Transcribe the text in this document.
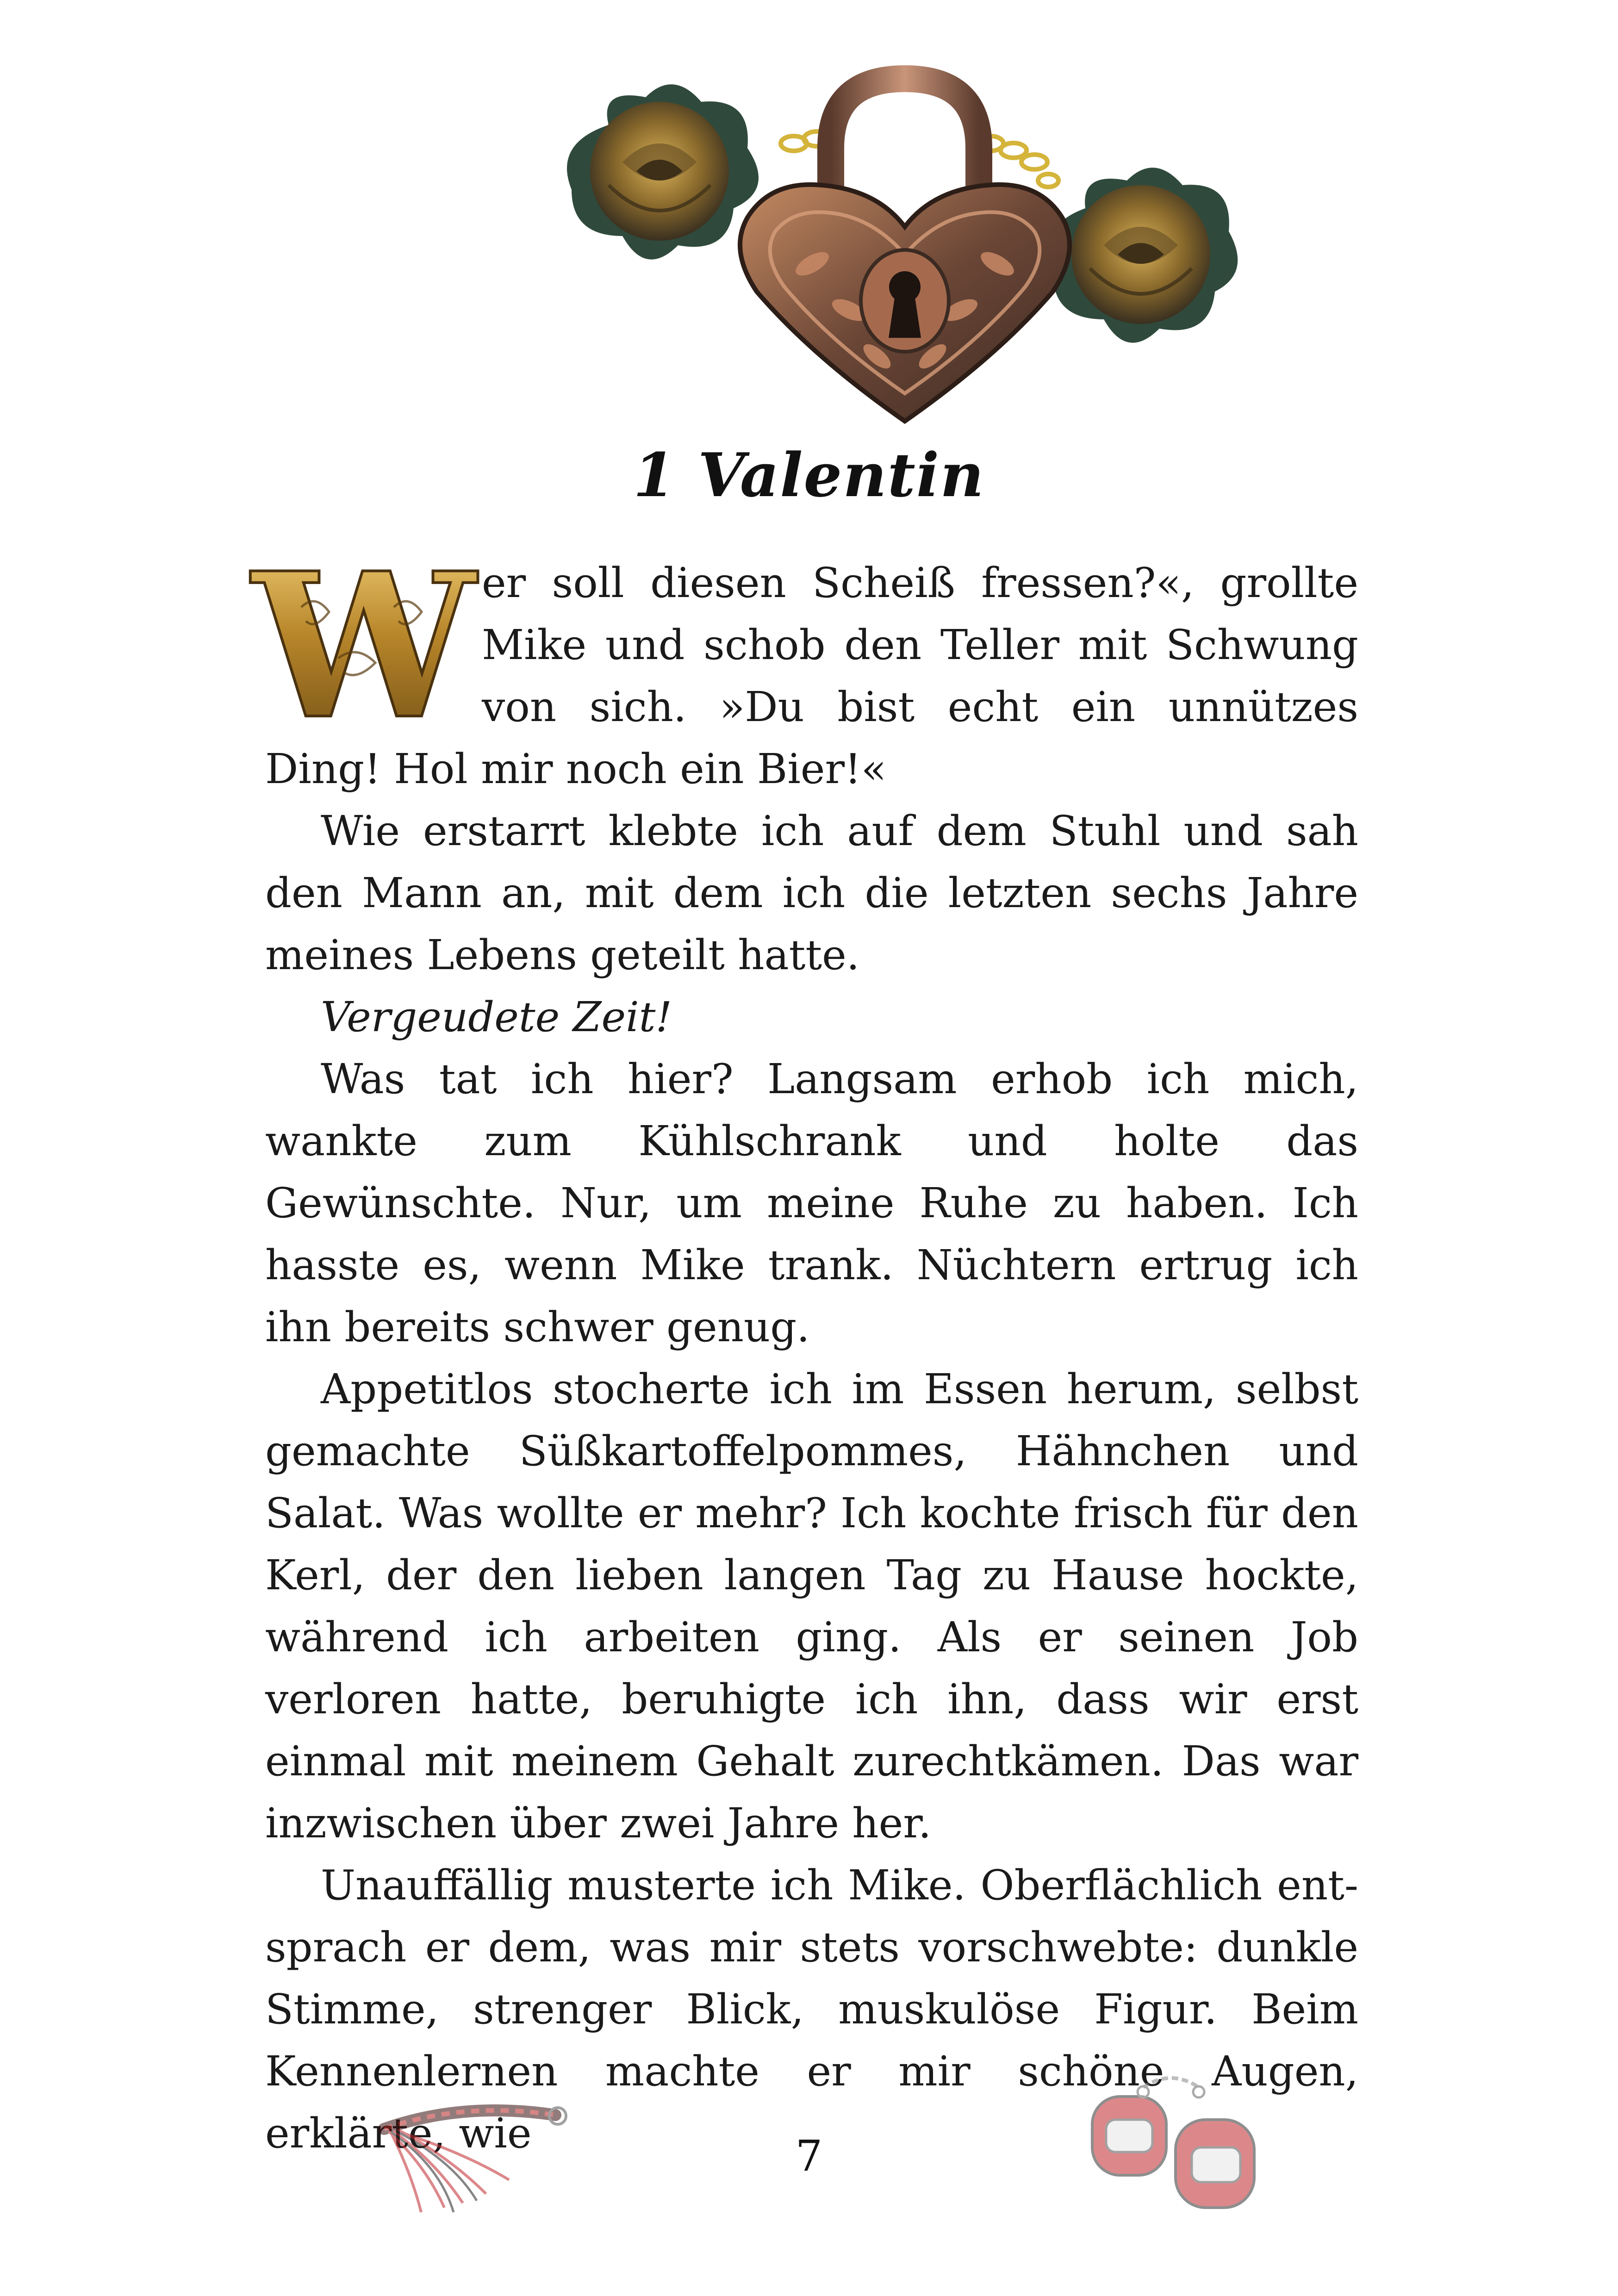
1 Valentin
W er soll diesen Scheiß fressen?«, grollte Mike und schob den Teller mit Schwung von sich. »Du bist echt ein unnützes Ding! Hol mir noch ein Bier!«

Wie erstarrt klebte ich auf dem Stuhl und sah den Mann an, mit dem ich die letzten sechs Jahre meines Lebens geteilt hatte.

Vergeudete Zeit!

Was tat ich hier? Langsam erhob ich mich, wankte zum Kühlschrank und holte das Gewünschte. Nur, um meine Ruhe zu haben. Ich hasste es, wenn Mike trank. Nüchtern ertrug ich ihn bereits schwer genug.

Appetitlos stocherte ich im Essen herum, selbst gemachte Süßkartoffelpommes, Hähnchen und Salat. Was wollte er mehr? Ich kochte frisch für den Kerl, der den lieben langen Tag zu Hause hockte, während ich arbeiten ging. Als er seinen Job verloren hatte, beruhigte ich ihn, dass wir erst einmal mit meinem Gehalt zurechtkämen. Das war inzwischen über zwei Jahre her.

Unauffällig musterte ich Mike. Oberflächlich entsprach er dem, was mir stets vorschwebte: dunkle Stimme, strenger Blick, muskulöse Figur. Beim Kennenlernen machte er mir schöne Augen, erklärte, wie	7
